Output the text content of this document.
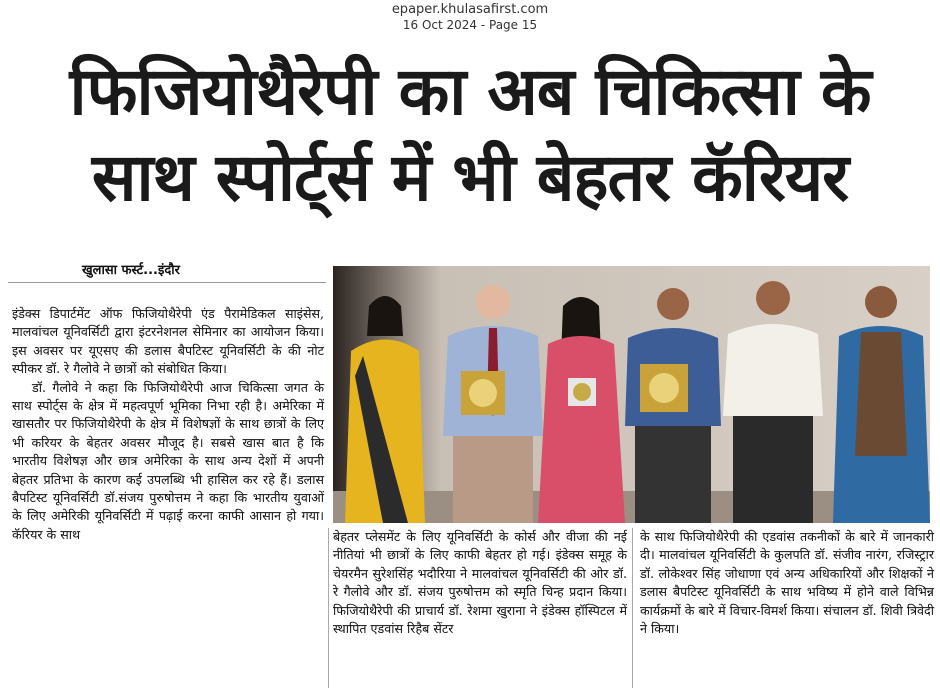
epaper.khulasafirst.com
16 Oct 2024 - Page 15
फिजियोथैरेपी का अब चिकित्सा के
साथ स्पोर्ट्‌र्स में भी बेहतर कॅरियर
खुलासा फर्स्ट...इंदौर

इंडेक्स डिपार्टमेंट ऑफ फिजियोथैरेपी एंड पैरामेडिकल साइंसेस, मालवांचल यूनिवर्सिटी द्वारा इंटरनेशनल सेमिनार का आयोजन किया। इस अवसर पर यूएसए की डलास बैपटिस्ट यूनिवर्सिटी के की नोट स्पीकर डॉ. रे गैलोवे ने छात्रों को संबोधित किया।

डॉ. गैलोवे ने कहा कि फिजियोथैरेपी आज चिकित्सा जगत के साथ स्पोर्ट्स के क्षेत्र में महत्वपूर्ण भूमिका निभा रही है। अमेरिका में खासतौर पर फिजियोथैरेपी के क्षेत्र में विशेषज्ञों के साथ छात्रों के लिए भी करियर के बेहतर अवसर मौजूद है। सबसे खास बात है कि भारतीय विशेषज्ञ और छात्र अमेरिका के साथ अन्य देशों में अपनी बेहतर प्रतिभा के कारण कई उपलब्धि भी हासिल कर रहे हैं। डलास बैपटिस्ट यूनिवर्सिटी डॉ.संजय पुरुषोत्तम ने कहा कि भारतीय युवाओं के लिए अमेरिकी यूनिवर्सिटी में पढ़ाई करना काफी आसान हो गया। कॅरियर के साथ	बेहतर प्लेसमेंट के लिए यूनिवर्सिटी के कोर्स और वीजा की नई नीतियां भी छात्रों के लिए काफी बेहतर हो गई। इंडेक्स समूह के चेयरमैन सुरेशसिंह भदौरिया ने मालवांचल यूनिवर्सिटी की ओर डॉ. रे गैलोवे और डॉ. संजय पुरुषोत्तम को स्मृति चिन्ह प्रदान किया। फिजियोथैरेपी की प्राचार्य डॉ. रेशमा खुराना ने इंडेक्स हॉस्पिटल में स्थापित एडवांस रिहैब सेंटर
के साथ फिजियोथैरेपी की एडवांस तकनीकों के बारे में जानकारी दी। मालवांचल यूनिवर्सिटी के कुलपति डॉ. संजीव नारंग, रजिस्ट्रार डॉ. लोकेश्वर सिंह जोधाणा एवं अन्य अधिकारियों और शिक्षकों ने डलास बैपटिस्ट यूनिवर्सिटी के साथ भविष्य में होने वाले विभिन्न कार्यक्रमों के बारे में विचार-विमर्श किया। संचालन डॉ. शिवी त्रिवेदी ने किया।
